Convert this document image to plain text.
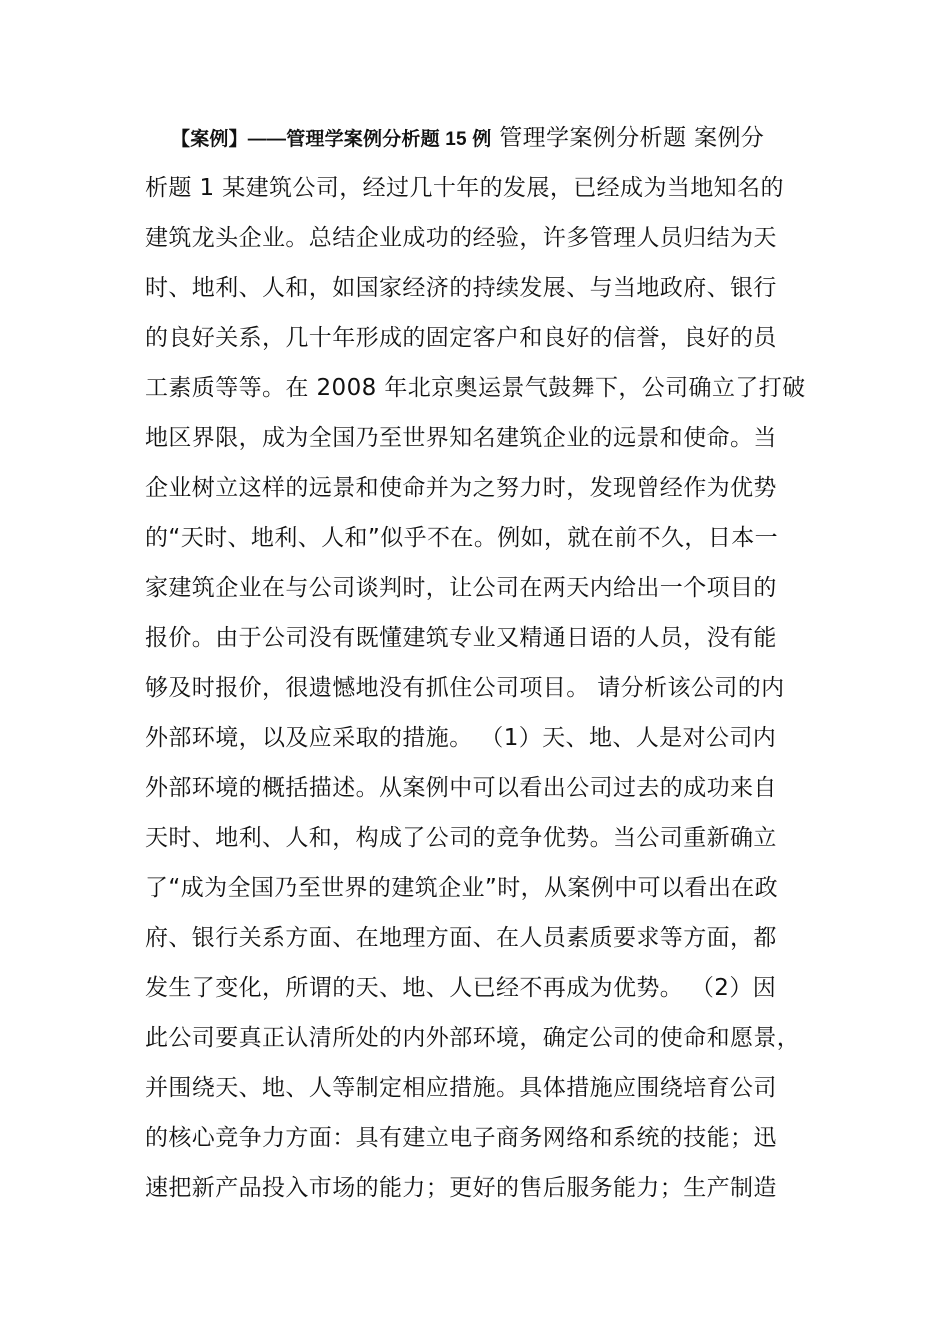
【案例】——管理学案例分析题 15 例 管理学案例分析题 案例分
析题 1 某建筑公司，经过几十年的发展，已经成为当地知名的
建筑龙头企业。总结企业成功的经验，许多管理人员归结为天
时、地利、人和，如国家经济的持续发展、与当地政府、银行
的良好关系，几十年形成的固定客户和良好的信誉，良好的员
工素质等等。在 2008 年北京奥运景气鼓舞下，公司确立了打破
地区界限，成为全国乃至世界知名建筑企业的远景和使命。当
企业树立这样的远景和使命并为之努力时，发现曾经作为优势
的“天时、地利、人和”似乎不在。例如，就在前不久，日本一
家建筑企业在与公司谈判时，让公司在两天内给出一个项目的
报价。由于公司没有既懂建筑专业又精通日语的人员，没有能
够及时报价，很遗憾地没有抓住公司项目。 请分析该公司的内
外部环境，以及应采取的措施。 （1）天、地、人是对公司内
外部环境的概括描述。从案例中可以看出公司过去的成功来自
天时、地利、人和，构成了公司的竞争优势。当公司重新确立
了“成为全国乃至世界的建筑企业”时，从案例中可以看出在政
府、银行关系方面、在地理方面、在人员素质要求等方面，都
发生了变化，所谓的天、地、人已经不再成为优势。 （2）因
此公司要真正认清所处的内外部环境，确定公司的使命和愿景，
并围绕天、地、人等制定相应措施。具体措施应围绕培育公司
的核心竞争力方面：具有建立电子商务网络和系统的技能；迅
速把新产品投入市场的能力；更好的售后服务能力；生产制造
